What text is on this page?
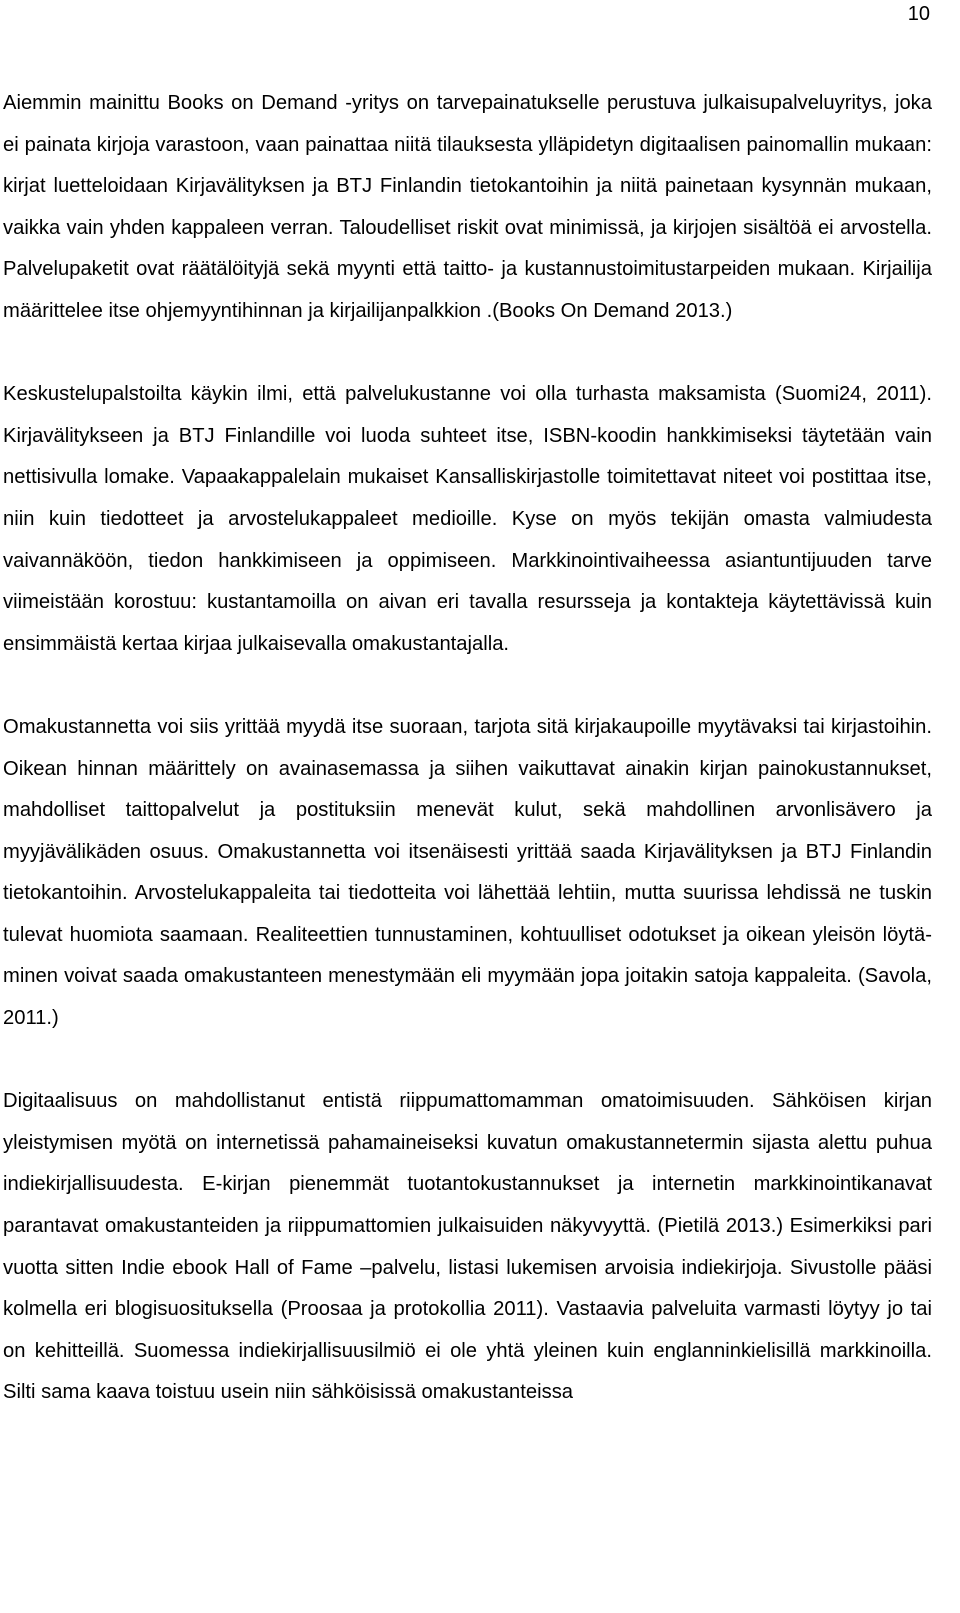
10

Aiemmin mainittu Books on Demand -yritys on tarvepainatukselle perustuva julkaisupalveluyritys, joka ei painata kirjoja varastoon, vaan painattaa niitä tilauksesta ylläpidetyn digitaalisen painomallin mukaan: kirjat luetteloidaan Kirjavälityksen ja BTJ Finlandin tietokantoihin ja niitä painetaan kysynnän mukaan, vaikka vain yhden kappaleen verran. Taloudelliset riskit ovat minimissä, ja kirjojen sisältöä ei arvostella. Palvelupaketit ovat räätälöityjä sekä myynti että taitto- ja kustannustoimitustarpeiden mukaan. Kirjailija määrittelee itse ohjemyyntihinnan ja kirjailijanpalkkion .(Books On Demand 2013.)

Keskustelupalstoilta käykin ilmi, että palvelukustanne voi olla turhasta maksamista (Suomi24, 2011). Kirjavälitykseen ja BTJ Finlandille voi luoda suhteet itse, ISBN-koodin hankkimiseksi täytetään vain nettisivulla lomake. Vapaakappalelain mukaiset Kansalliskirjastolle toimitettavat niteet voi postittaa itse, niin kuin tiedotteet ja arvostelukappaleet medioille. Kyse on myös tekijän omasta valmiudesta vaivannäköön, tiedon hankkimiseen ja oppimiseen. Markkinointivaiheessa asiantuntijuuden tarve viimeistään korostuu: kustantamoilla on aivan eri tavalla resursseja ja kontakteja käytettävissä kuin ensimmäistä kertaa kirjaa julkaisevalla omakustantajalla.

Omakustannetta voi siis yrittää myydä itse suoraan, tarjota sitä kirjakaupoille myytävaksi tai kirjastoihin. Oikean hinnan määrittely on avainasemassa ja siihen vaikuttavat ainakin kirjan painokustannukset, mahdolliset taittopalvelut ja postituksiin menevät kulut, sekä mahdollinen arvonlisävero ja myyjävälikäden osuus. Omakustannetta voi itsenäisesti yrittää saada Kirjavälityksen ja BTJ Finlandin tietokantoihin. Arvostelukappaleita tai tiedotteita voi lähettää lehtiin, mutta suurissa lehdissä ne tuskin tulevat huomiota saamaan. Realiteettien tunnustaminen, kohtuulliset odotukset ja oikean yleisön löytäminen voivat saada omakustanteen menestymään eli myymään jopa joitakin satoja kappaleita. (Savola, 2011.)

Digitaalisuus on mahdollistanut entistä riippumattomamman omatoimisuuden. Sähköisen kirjan yleistymisen myötä on internetissä pahamaineiseksi kuvatun omakustannetermin sijasta alettu puhua indiekirjallisuudesta. E-kirjan pienemmät tuotantokustannukset ja internetin markkinointikanavat parantavat omakustanteiden ja riippumattomien julkaisuiden näkyvyyttä. (Pietilä 2013.) Esimerkiksi pari vuotta sitten Indie ebook Hall of Fame –palvelu, listasi lukemisen arvoisia indiekirjoja. Sivustolle pääsi kolmella eri blogisuosituksella (Proosaa ja protokollia 2011). Vastaavia palveluita varmasti löytyy jo tai on kehitteillä. Suomessa indiekirjallisuusilmiö ei ole yhtä yleinen kuin englanninkielisillä markkinoilla. Silti sama kaava toistuu usein niin sähköisissä omakustanteissa
